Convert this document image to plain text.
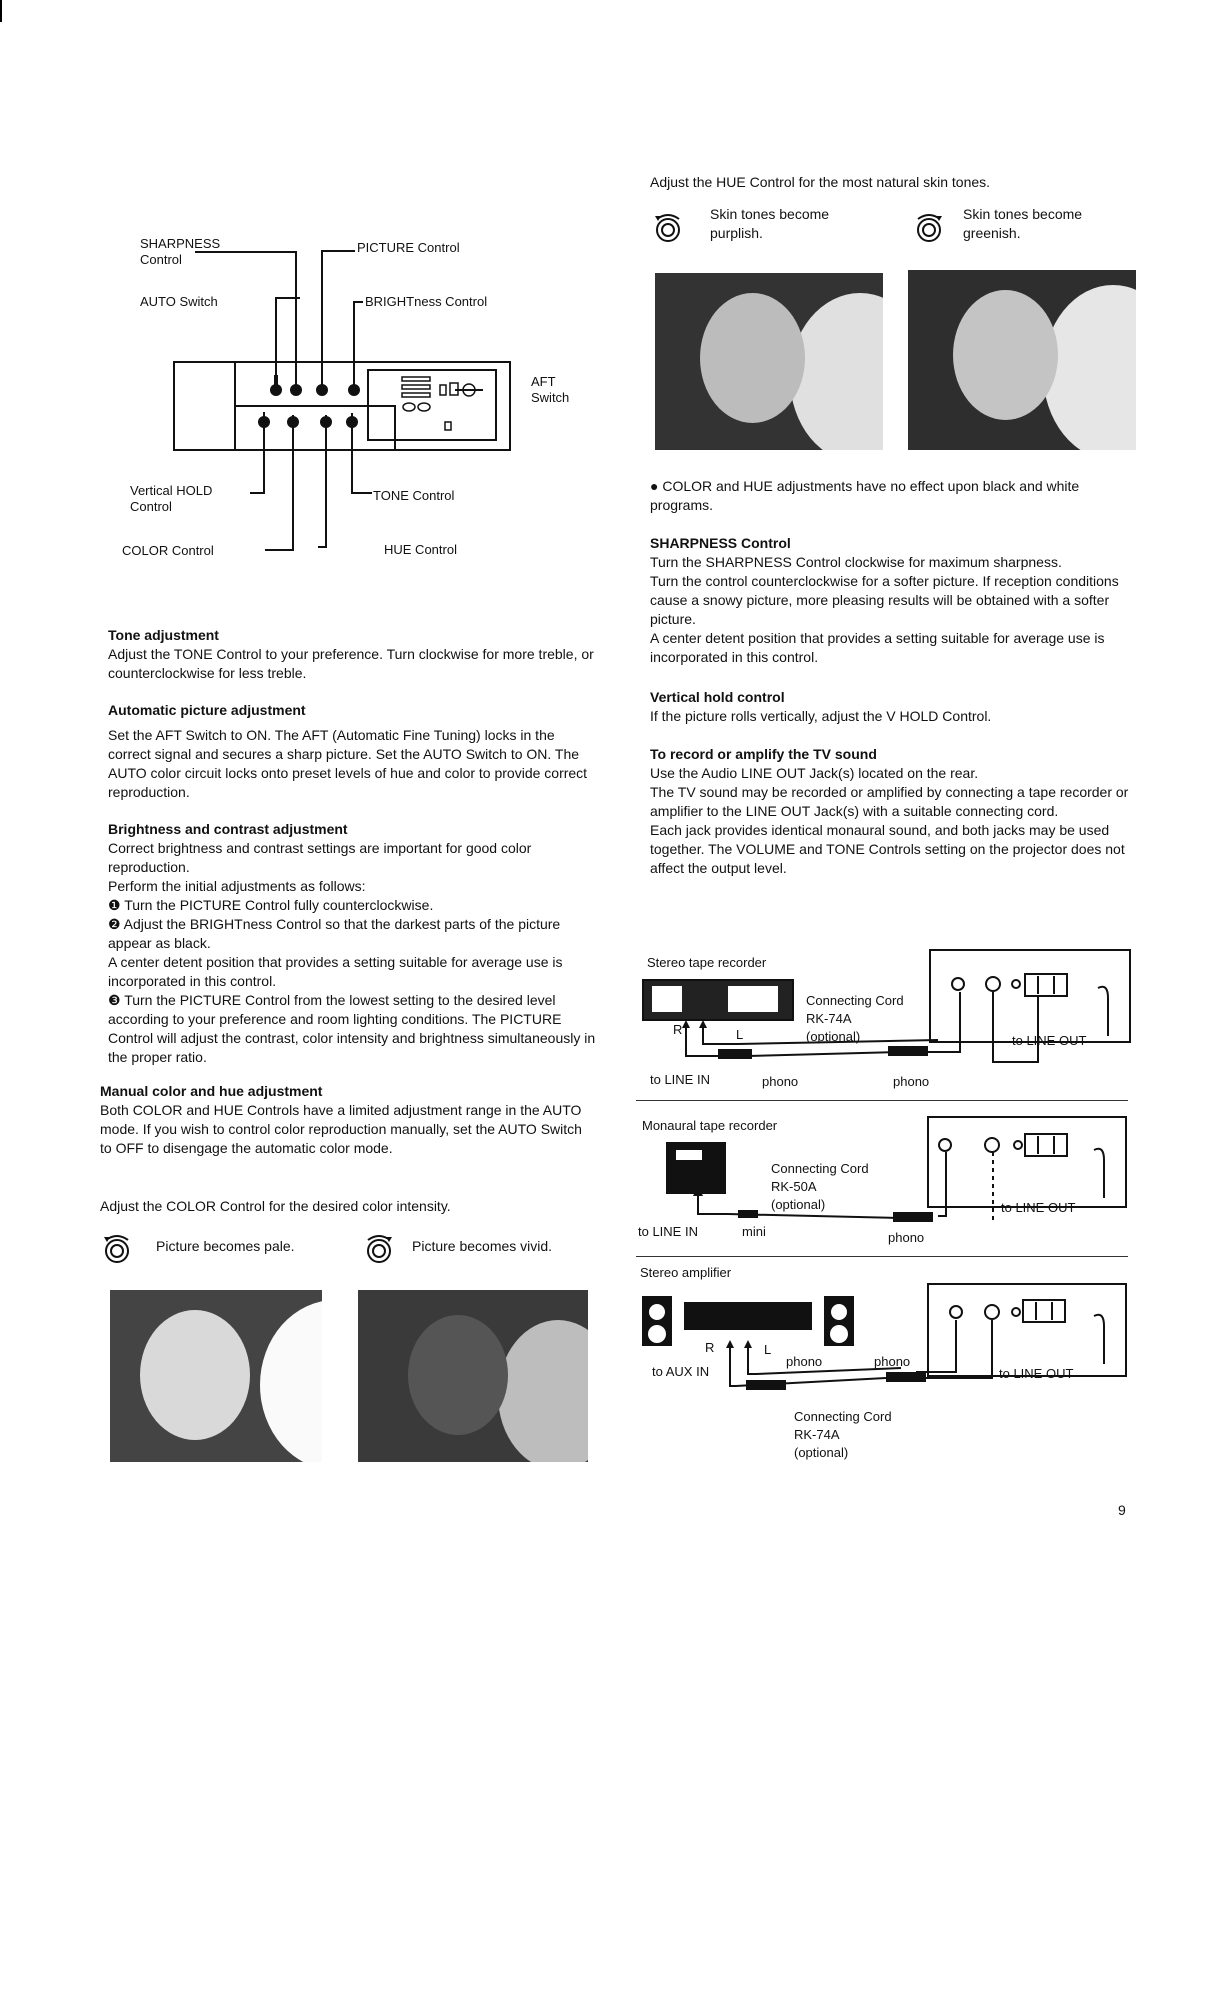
SHARPNESS
Control
PICTURE Control
AUTO Switch	BRIGHTness Control
AFT
Switch
Vertical HOLD
Control
TONE Control
COLOR Control	HUE Control
Tone adjustment
Adjust the TONE Control to your preference. Turn clockwise for more treble, or counterclockwise for less treble.
Automatic picture adjustment
Set the AFT Switch to ON. The AFT (Automatic Fine Tuning) locks in the correct signal and secures a sharp picture. Set the AUTO Switch to ON. The AUTO color circuit locks onto preset levels of hue and color to provide correct reproduction.
Brightness and contrast adjustment
Correct brightness and contrast settings are important for good color reproduction.
Perform the initial adjustments as follows:
❶ Turn the PICTURE Control fully counterclockwise.
❷ Adjust the BRIGHTness Control so that the darkest parts of the picture appear as black.
A center detent position that provides a setting suitable for average use is incorporated in this control.
❸ Turn the PICTURE Control from the lowest setting to the desired level according to your preference and room lighting conditions. The PICTURE Control will adjust the contrast, color intensity and brightness simultaneously in the proper ratio.
Manual color and hue adjustment
Both COLOR and HUE Controls have a limited adjustment range in the AUTO mode. If you wish to control color reproduction manually, set the AUTO Switch to OFF to disengage the automatic color mode.
Adjust the COLOR Control for the desired color intensity.
Picture becomes pale.	Picture becomes vivid.
Adjust the HUE Control for the most natural skin tones.
Skin tones become
purplish.
Skin tones become
greenish.
● COLOR and HUE adjustments have no effect upon black and white programs.
SHARPNESS Control
Turn the SHARPNESS Control clockwise for maximum sharpness.
Turn the control counterclockwise for a softer picture. If reception conditions cause a snowy picture, more pleasing results will be obtained with a softer picture.
A center detent position that provides a setting suitable for average use is incorporated in this control.
Vertical hold control
If the picture rolls vertically, adjust the V HOLD Control.
To record or amplify the TV sound
Use the Audio LINE OUT Jack(s) located on the rear.
The TV sound may be recorded or amplified by connecting a tape recorder or amplifier to the LINE OUT Jack(s) with a suitable connecting cord.
Each jack provides identical monaural sound, and both jacks may be used together. The VOLUME and TONE Controls setting on the projector does not affect the output level.
Stereo tape recorder
Connecting Cord
RK-74A
(optional)
R	L
to LINE IN	phono	phono
to LINE OUT
Monaural tape recorder
Connecting Cord
RK-50A
(optional)
to LINE IN	mini	phono
to LINE OUT
Stereo amplifier
R	L
phono	phono
to AUX IN	to LINE OUT
Connecting Cord
RK-74A
(optional)
9
